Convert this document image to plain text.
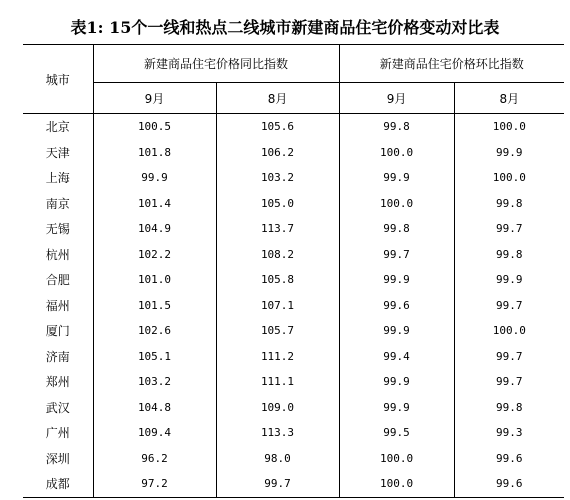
表1: 15个一线和热点二线城市新建商品住宅价格变动对比表
城市	新建商品住宅价格同比指数		新建商品住宅价格环比指数	
	9月	8月	9月	8月
北京	100.5	105.6	99.8	100.0
天津	101.8	106.2	100.0	99.9
上海	99.9	103.2	99.9	100.0
南京	101.4	105.0	100.0	99.8
无锡	104.9	113.7	99.8	99.7
杭州	102.2	108.2	99.7	99.8
合肥	101.0	105.8	99.9	99.9
福州	101.5	107.1	99.6	99.7
厦门	102.6	105.7	99.9	100.0
济南	105.1	111.2	99.4	99.7
郑州	103.2	111.1	99.9	99.7
武汉	104.8	109.0	99.9	99.8
广州	109.4	113.3	99.5	99.3
深圳	96.2	98.0	100.0	99.6
成都	97.2	99.7	100.0	99.6
